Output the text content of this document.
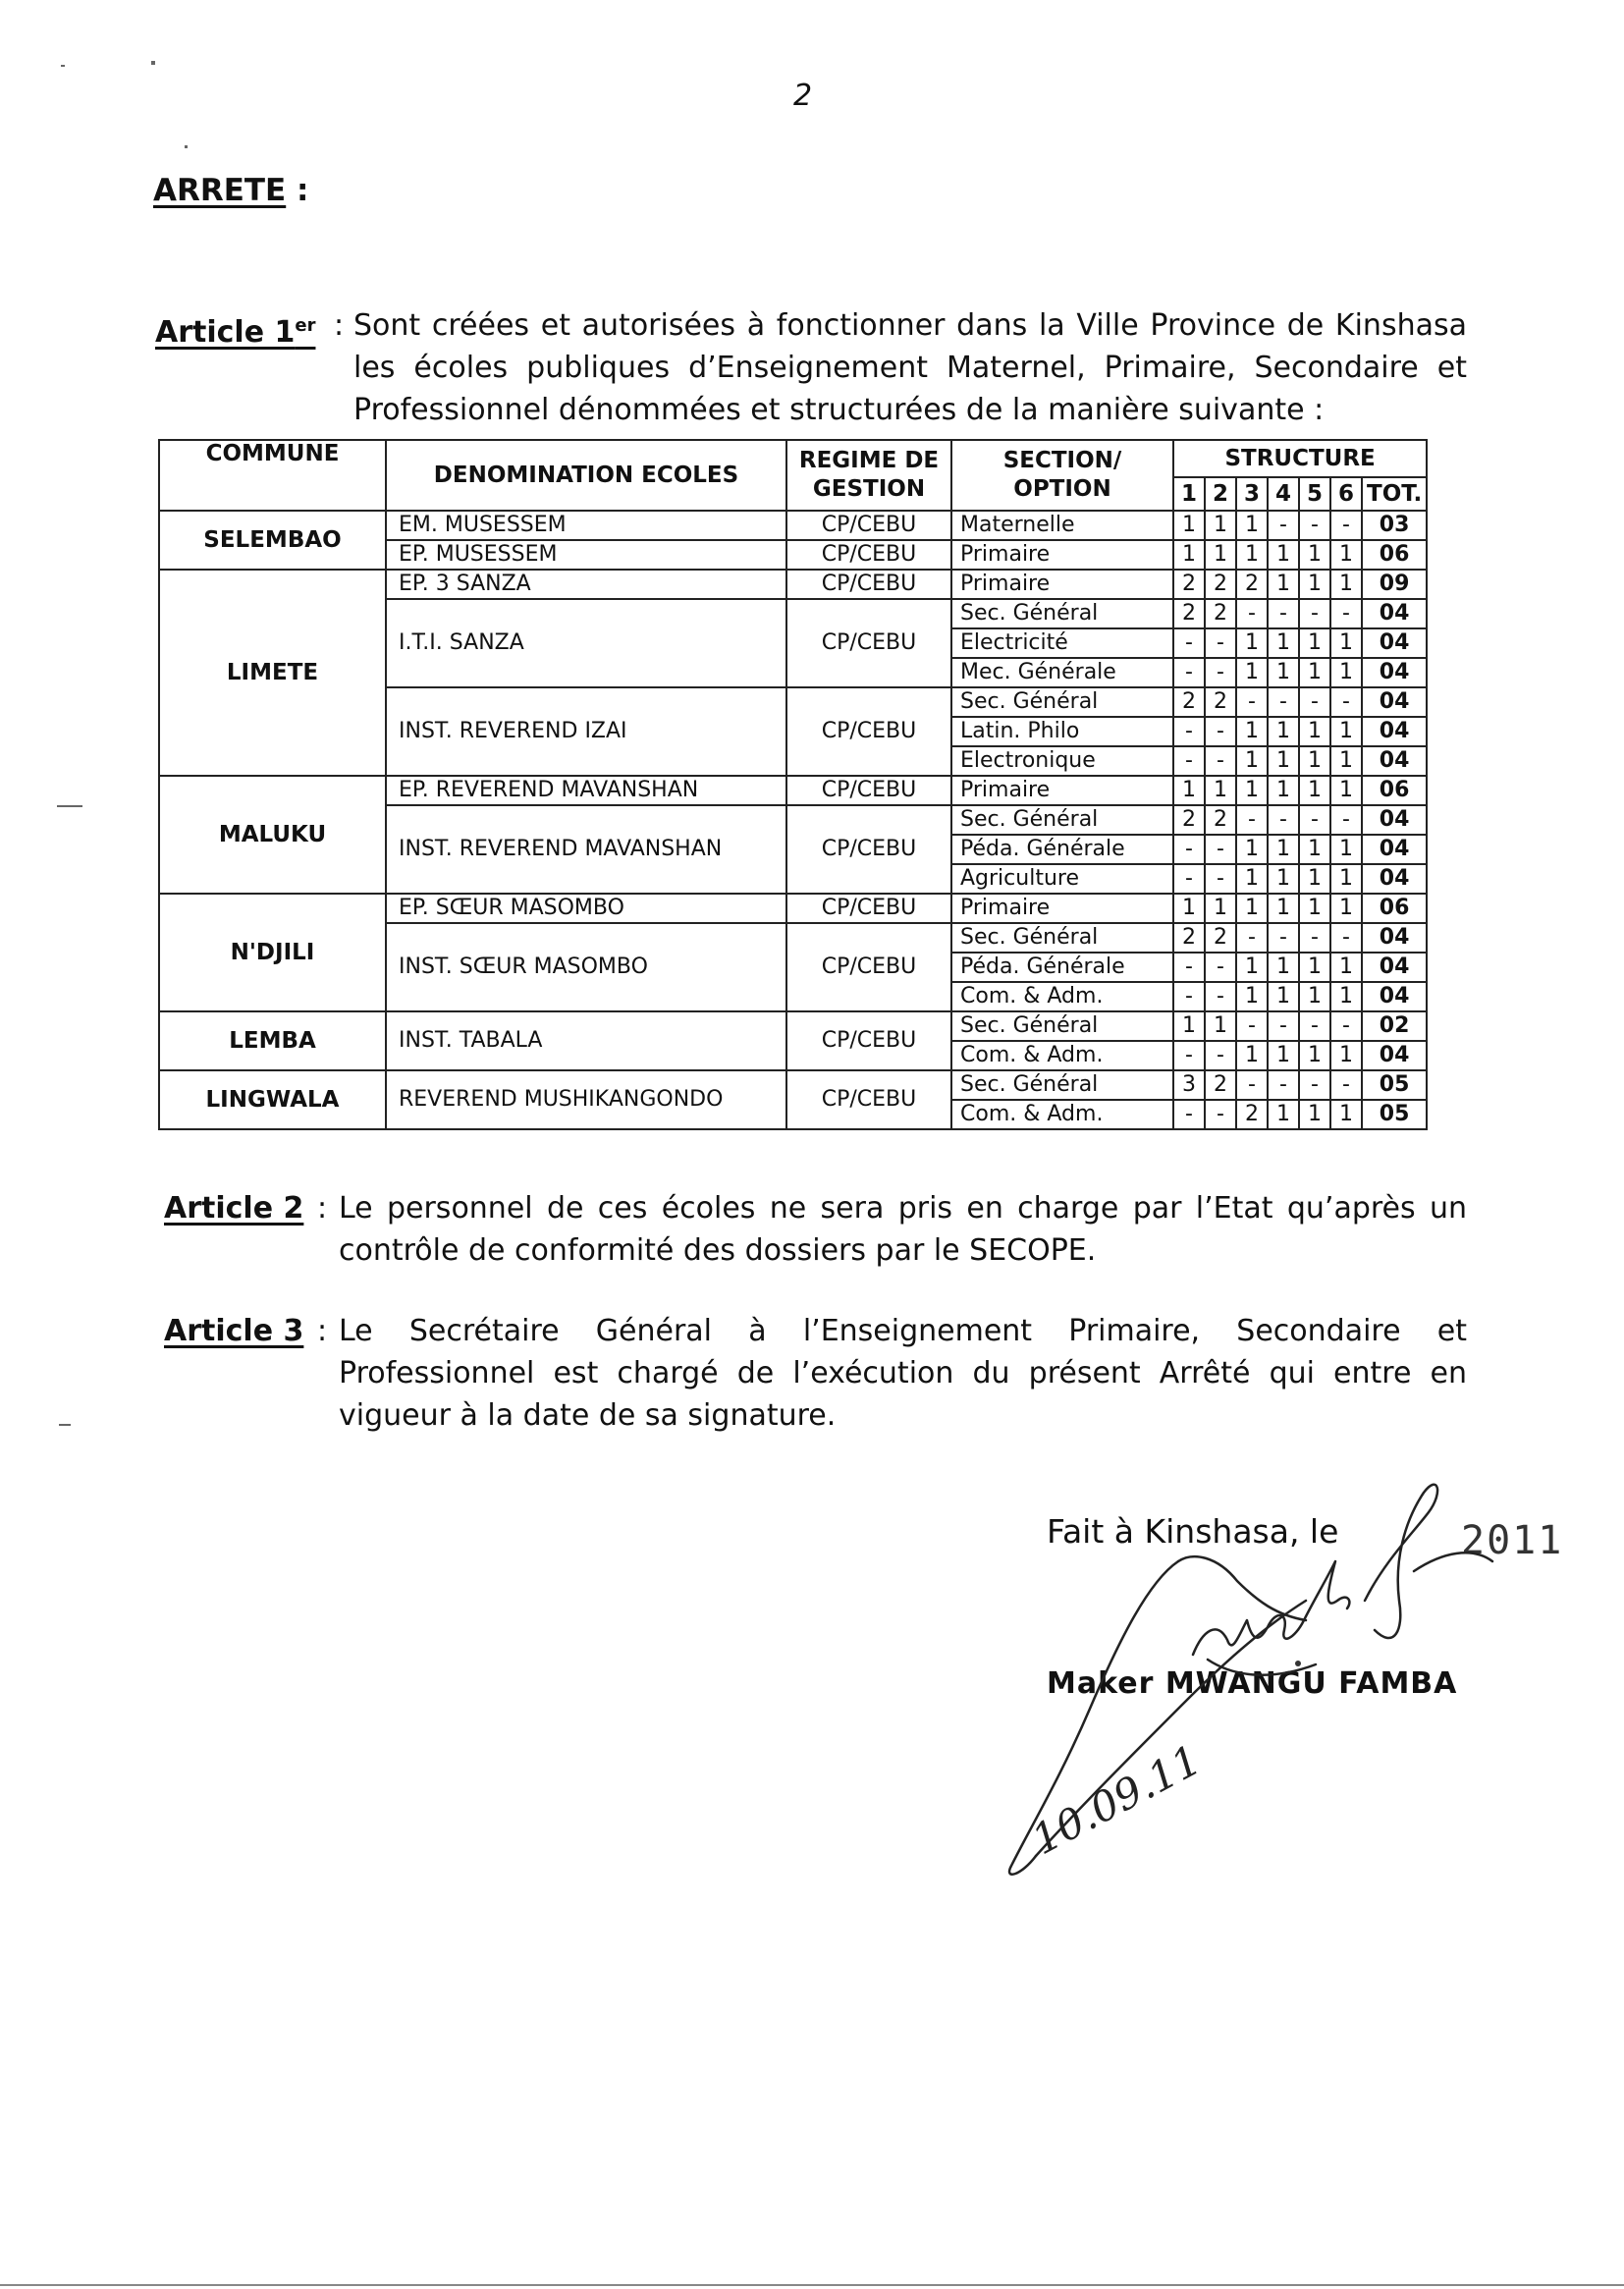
2
ARRETE :
Article 1er : Sont créées et autorisées à fonctionner dans la Ville Province de Kinshasa les écoles publiques d’Enseignement Maternel, Primaire, Secondaire et Professionnel dénommées et structurées de la manière suivante :
COMMUNE	DENOMINATION ECOLES	REGIME DE GESTION	SECTION/ OPTION	STRUCTURE						
				1	2	3	4	5	6	TOT.
SELEMBAO	EM. MUSESSEM	CP/CEBU	Maternelle	1	1	1	-	-	-	03
	EP. MUSESSEM	CP/CEBU	Primaire	1	1	1	1	1	1	06
LIMETE	EP. 3 SANZA	CP/CEBU	Primaire	2	2	2	1	1	1	09
	I.T.I. SANZA	CP/CEBU	Sec. Général	2	2	-	-	-	-	04
			Electricité	-	-	1	1	1	1	04
			Mec. Générale	-	-	1	1	1	1	04
	INST. REVEREND IZAI	CP/CEBU	Sec. Général	2	2	-	-	-	-	04
			Latin. Philo	-	-	1	1	1	1	04
			Electronique	-	-	1	1	1	1	04
MALUKU	EP. REVEREND MAVANSHAN	CP/CEBU	Primaire	1	1	1	1	1	1	06
	INST. REVEREND MAVANSHAN	CP/CEBU	Sec. Général	2	2	-	-	-	-	04
			Péda. Générale	-	-	1	1	1	1	04
			Agriculture	-	-	1	1	1	1	04
N'DJILI	EP. SŒUR MASOMBO	CP/CEBU	Primaire	1	1	1	1	1	1	06
	INST. SŒUR MASOMBO	CP/CEBU	Sec. Général	2	2	-	-	-	-	04
			Péda. Générale	-	-	1	1	1	1	04
			Com. & Adm.	-	-	1	1	1	1	04
LEMBA	INST. TABALA	CP/CEBU	Sec. Général	1	1	-	-	-	-	02
			Com. & Adm.	-	-	1	1	1	1	04
LINGWALA	REVEREND MUSHIKANGONDO	CP/CEBU	Sec. Général	3	2	-	-	-	-	05
			Com. & Adm.	-	-	2	1	1	1	05
Article 2 : Le personnel de ces écoles ne sera pris en charge par l’Etat qu’après un contrôle de conformité des dossiers par le SECOPE.
Article 3 : Le Secrétaire Général à l’Enseignement Primaire, Secondaire et Professionnel est chargé de l’exécution du présent Arrêté qui entre en vigueur à la date de sa signature.
Fait à Kinshasa, le	2011
Maker MWANGU FAMBA
10.09.11
